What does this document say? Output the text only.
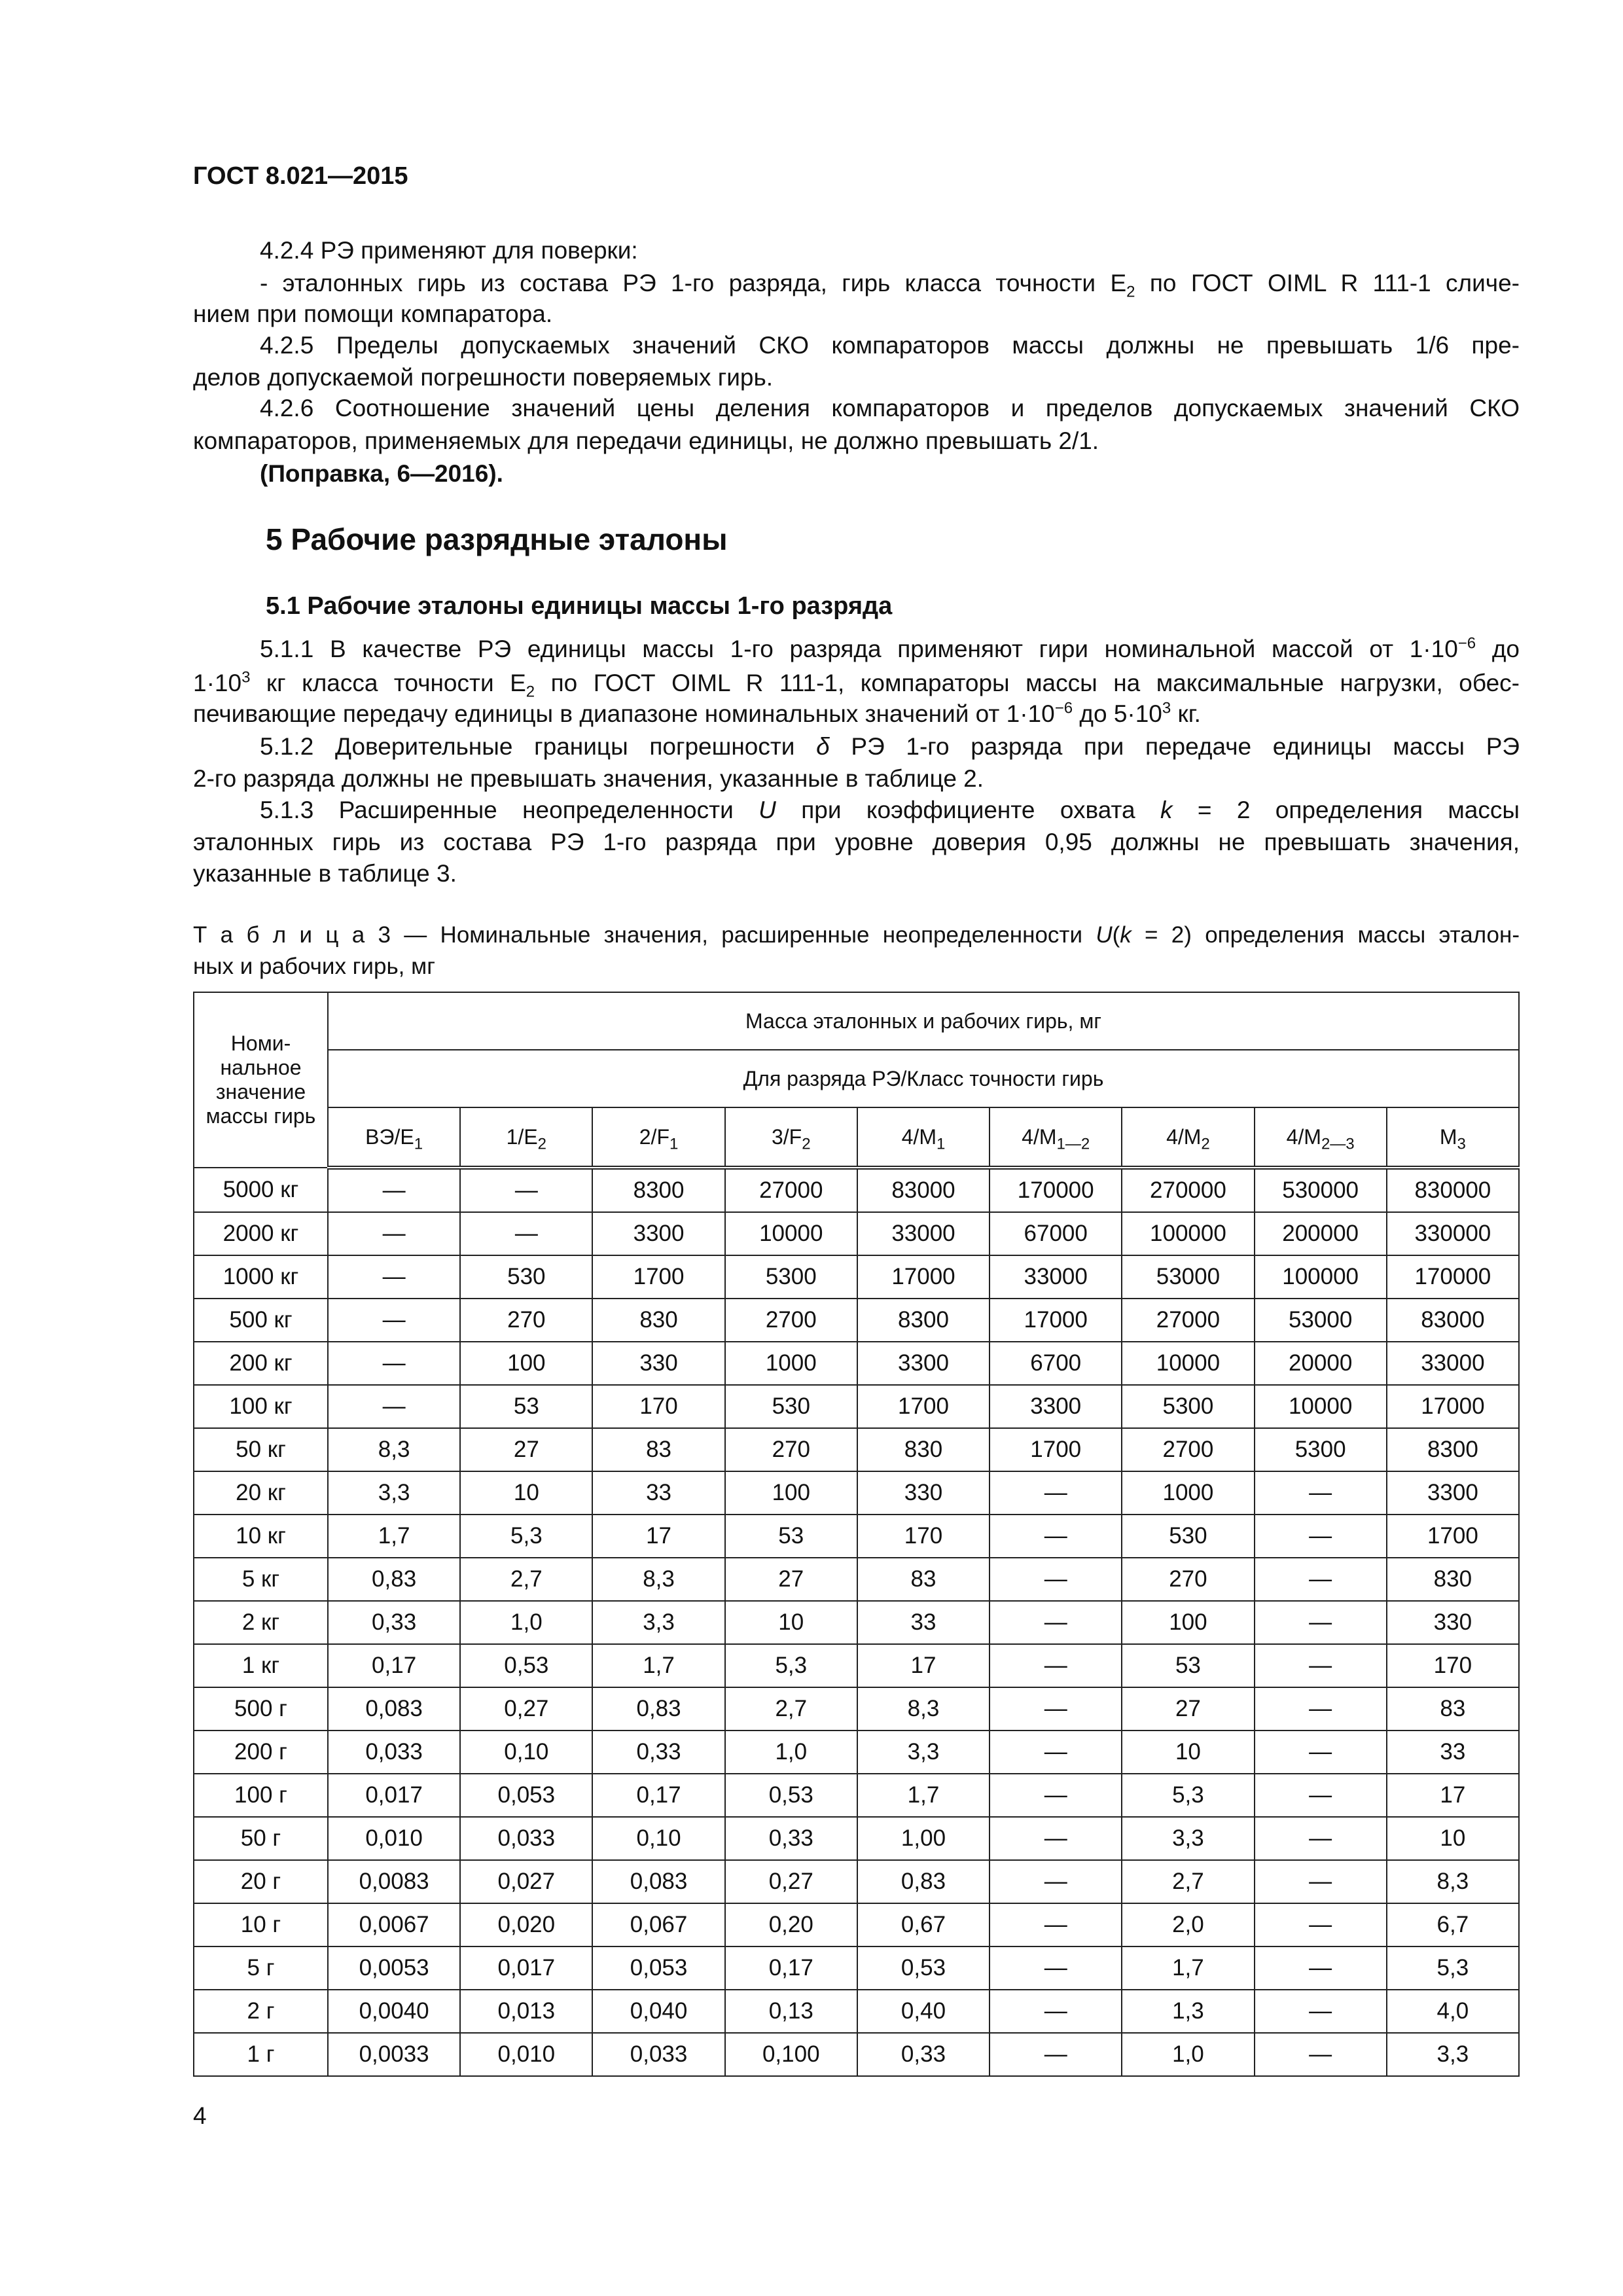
ГОСТ 8.021—2015
4.2.4 РЭ применяют для поверки:
- эталонных гирь из состава РЭ 1-го разряда, гирь класса точности $E_2$ по ГОСТ OIML R 111-1 сличе-
нием при помощи компаратора.
4.2.5 Пределы допускаемых значений СКО компараторов массы должны не превышать 1/6 пре-
делов допускаемой погрешности поверяемых гирь.
4.2.6 Соотношение значений цены деления компараторов и пределов допускаемых значений СКО
компараторов, применяемых для передачи единицы, не должно превышать 2/1.
(Поправка, 6—2016).
5 Рабочие разрядные эталоны
5.1 Рабочие эталоны единицы массы 1-го разряда
5.1.1 В качестве РЭ единицы массы 1-го разряда применяют гири номинальной массой от $1\cdot 10^{-6}$ до
$1\cdot 10^3$ кг класса точности $E_2$ по ГОСТ OIML R 111-1, компараторы массы на максимальные нагрузки, обес-
печивающие передачу единицы в диапазоне номинальных значений от $1\cdot 10^{-6}$ до $5\cdot 10^3$ кг.
5.1.2 Доверительные границы погрешности δ РЭ 1-го разряда при передаче единицы массы РЭ
2-го разряда должны не превышать значения, указанные в таблице 2.
5.1.3 Расширенные неопределенности U при коэффициенте охвата k = 2 определения массы
эталонных гирь из состава РЭ 1-го разряда при уровне доверия 0,95 должны не превышать значения,
указанные в таблице 3.
Т а б л и ц а 3 — Номинальные значения, расширенные неопределенности U(k = 2) определения массы эталон-
ных и рабочих гирь, мг
Номи-
нальное
значение
массы гирь	Масса эталонных и рабочих гирь, мг								
	Для разряда РЭ/Класс точности гирь								
	$ВЭ/E_1$	$1/E_2$	$2/F_1$	$3/F_2$	$4/M_1$	$4/M_{1—2}$	$4/M_2$	$4/M_{2—3}$	$M_3$
5000 кг	—	—	8300	27000	83000	170000	270000	530000	830000
2000 кг	—	—	3300	10000	33000	67000	100000	200000	330000
1000 кг	—	530	1700	5300	17000	33000	53000	100000	170000
500 кг	—	270	830	2700	8300	17000	27000	53000	83000
200 кг	—	100	330	1000	3300	6700	10000	20000	33000
100 кг	—	53	170	530	1700	3300	5300	10000	17000
50 кг	8,3	27	83	270	830	1700	2700	5300	8300
20 кг	3,3	10	33	100	330	—	1000	—	3300
10 кг	1,7	5,3	17	53	170	—	530	—	1700
5 кг	0,83	2,7	8,3	27	83	—	270	—	830
2 кг	0,33	1,0	3,3	10	33	—	100	—	330
1 кг	0,17	0,53	1,7	5,3	17	—	53	—	170
500 г	0,083	0,27	0,83	2,7	8,3	—	27	—	83
200 г	0,033	0,10	0,33	1,0	3,3	—	10	—	33
100 г	0,017	0,053	0,17	0,53	1,7	—	5,3	—	17
50 г	0,010	0,033	0,10	0,33	1,00	—	3,3	—	10
20 г	0,0083	0,027	0,083	0,27	0,83	—	2,7	—	8,3
10 г	0,0067	0,020	0,067	0,20	0,67	—	2,0	—	6,7
5 г	0,0053	0,017	0,053	0,17	0,53	—	1,7	—	5,3
2 г	0,0040	0,013	0,040	0,13	0,40	—	1,3	—	4,0
1 г	0,0033	0,010	0,033	0,100	0,33	—	1,0	—	3,3
4
